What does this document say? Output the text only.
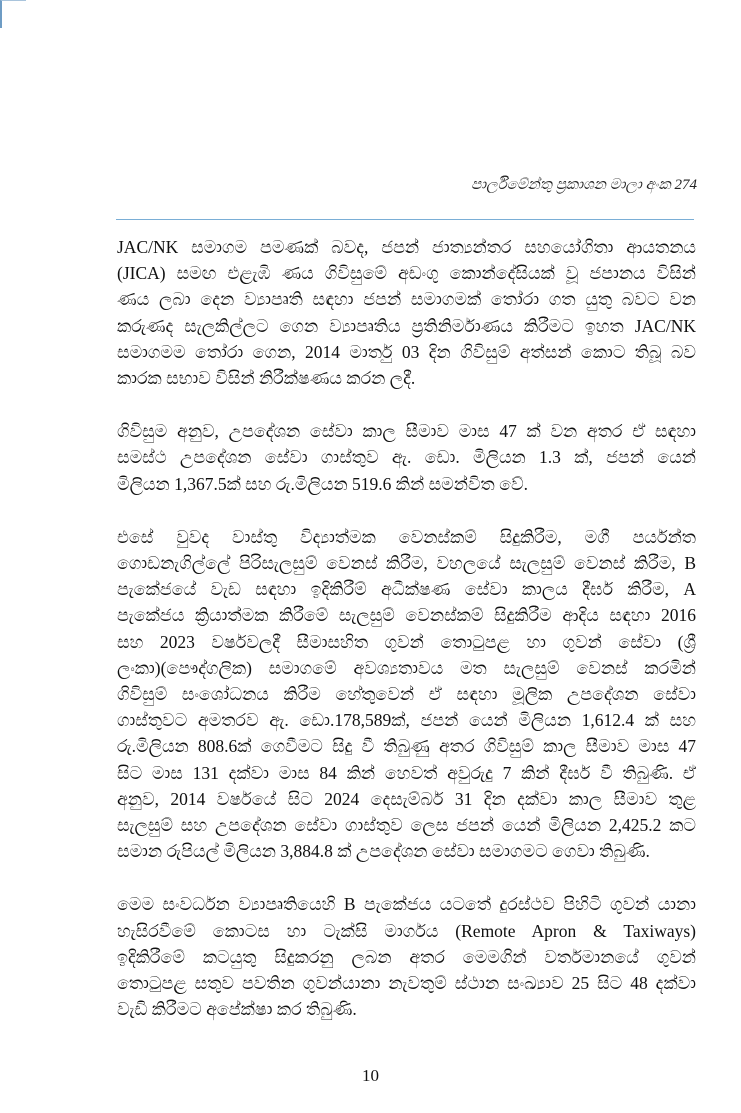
පාර්ලිමේන්තු ප්‍රකාශන මාලා අංක 274

JAC/NK සමාගම පමණක් බවද, ජපන් ජාත්‍යන්තර සහයෝගිතා ආයතනය
(JICA) සමඟ එළැඹි ණය ගිවිසුමේ අඩංගු කොන්දේසියක් වූ ජපානය විසින්
ණය ලබා දෙන ව්‍යාපෘති සඳහා ජපන් සමාගමක් තෝරා ගත යුතු බවට වන
කරුණද සැලකිල්ලට ගෙන ව්‍යාපෘතිය ප්‍රතිනිර්මාණය කිරීමට ඉහත JAC/NK
සමාගමම තෝරා ගෙන, 2014 මාර්තු 03 දින ගිවිසුම් අත්සන් කොට තිබූ බව
කාරක සභාව විසින් නිරීක්ෂණය කරන ලදී.

ගිවිසුම අනුව, උපදේශන සේවා කාල සීමාව මාස 47 ක් වන අතර ඒ සඳහා
සමස්ථ උපදේශන සේවා ගාස්තුව ඇ. ඩො. මිලියන 1.3 ක්, ජපන් යෙන්
මිලියන 1,367.5ක් සහ රු.මිලියන 519.6 කින් සමන්විත වේ.

එසේ වුවද වාස්තු විද්‍යාත්මක වෙනස්කම් සිදුකිරීම, මගී පර්යන්ත
ගොඩනැගිල්ලේ පිරිසැලසුම් වෙනස් කිරීම, වහලයේ සැලසුම් වෙනස් කිරීම, B
පැකේජයේ වැඩ සඳහා ඉදිකිරීම් අධීක්ෂණ සේවා කාලය දීර්ඝ කිරීම, A
පැකේජය ක්‍රියාත්මක කිරීමේ සැලසුම් වෙනස්කම් සිදුකිරීම ආදිය සඳහා 2016
සහ 2023 වර්ෂවලදී සීමාසහිත ගුවන් තොටුපළ හා ගුවන් සේවා (ශ්‍රී
ලංකා)(පෞද්ගලික) සමාගමේ අවශ්‍යතාවය මත සැලසුම් වෙනස් කරමින්
ගිවිසුම් සංශෝධනය කිරීම හේතුවෙන් ඒ සඳහා මූලික උපදේශන සේවා
ගාස්තුවට අමතරව ඇ. ඩො.178,589ක්, ජපන් යෙන් මිලියන 1,612.4 ක් සහ
රු.මිලියන 808.6ක් ගෙවීමට සිදු වී තිබුණු අතර ගිවිසුම් කාල සීමාව මාස 47
සිට මාස 131 දක්වා මාස 84 කින් හෙවත් අවුරුදු 7 කින් දීර්ඝ වී තිබුණි. ඒ
අනුව, 2014 වර්ෂයේ සිට 2024 දෙසැම්බර් 31 දින දක්වා කාල සීමාව තුළ
සැලසුම් සහ උපදේශන සේවා ගාස්තුව ලෙස ජපන් යෙන් මිලියන 2,425.2 කට
සමාන රුපියල් මිලියන 3,884.8 ක් උපදේශන සේවා සමාගමට ගෙවා තිබුණි.

මෙම සංවර්ධන ව්‍යාපෘතියෙහි B පැකේජය යටතේ දුරස්ථව පිහිටි ගුවන් යානා
හැසිරවීමේ කොටස හා ටැක්සි මාර්ගය (Remote Apron & Taxiways)
ඉදිකිරීමේ කටයුතු සිදුකරනු ලබන අතර මෙමගින් වර්තමානයේ ගුවන්
තොටුපළ සතුව පවතින ගුවන්යානා නැවතුම් ස්ථාන සංඛ්‍යාව 25 සිට 48 දක්වා
වැඩි කිරීමට අපේක්ෂා කර තිබුණි.

10
